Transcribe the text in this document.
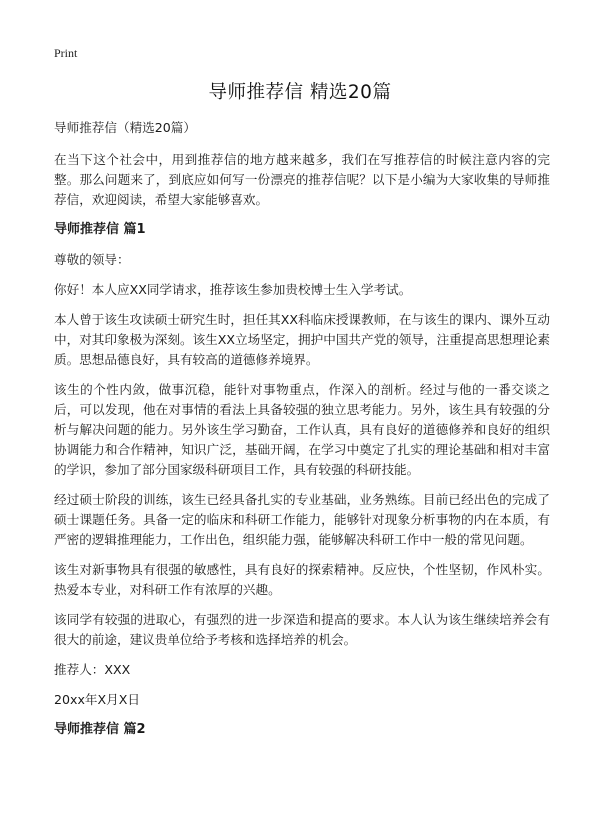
Print
导师推荐信 精选20篇

导师推荐信（精选20篇）

在当下这个社会中，用到推荐信的地方越来越多，我们在写推荐信的时候注意内容的完整。那么问题来了，到底应如何写一份漂亮的推荐信呢？以下是小编为大家收集的导师推荐信，欢迎阅读，希望大家能够喜欢。

导师推荐信 篇1

尊敬的领导：

你好！本人应XX同学请求，推荐该生参加贵校博士生入学考试。

本人曾于该生攻读硕士研究生时，担任其XX科临床授课教师，在与该生的课内、课外互动中，对其印象极为深刻。该生XX立场坚定，拥护中国共产党的领导，注重提高思想理论素质。思想品德良好，具有较高的道德修养境界。

该生的个性内敛，做事沉稳，能针对事物重点，作深入的剖析。经过与他的一番交谈之后，可以发现，他在对事情的看法上具备较强的独立思考能力。另外，该生具有较强的分析与解决问题的能力。另外该生学习勤奋，工作认真，具有良好的道德修养和良好的组织协调能力和合作精神，知识广泛，基础开阔，在学习中奠定了扎实的理论基础和相对丰富的学识，参加了部分国家级科研项目工作，具有较强的科研技能。

经过硕士阶段的训练，该生已经具备扎实的专业基础，业务熟练。目前已经出色的完成了硕士课题任务。具备一定的临床和科研工作能力，能够针对现象分析事物的内在本质，有严密的逻辑推理能力，工作出色，组织能力强，能够解决科研工作中一般的常见问题。

该生对新事物具有很强的敏感性，具有良好的探索精神。反应快，个性坚韧，作风朴实。热爱本专业，对科研工作有浓厚的兴趣。

该同学有较强的进取心，有强烈的进一步深造和提高的要求。本人认为该生继续培养会有很大的前途，建议贵单位给予考核和选择培养的机会。

推荐人：XXX

20xx年X月X日

导师推荐信 篇2
